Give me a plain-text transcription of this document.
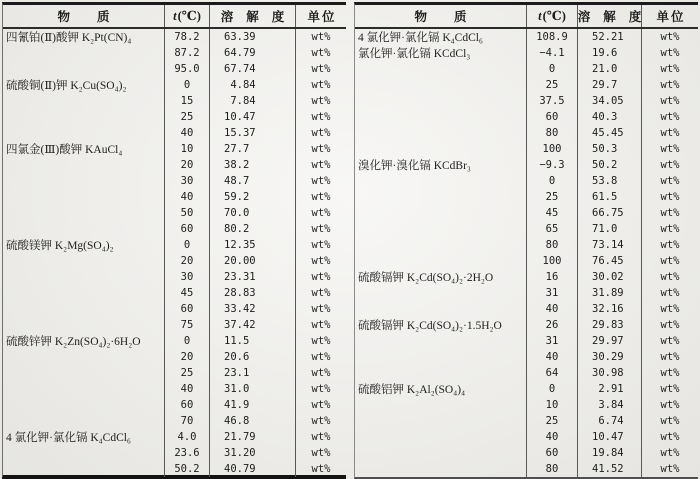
物质	t (℃) 溶解度 单位
四氰铂(Ⅱ)酸钾 K₂Pt(CN)₄	78.2	63.39	wt%
87.2	64.79	wt%
95.0	67.74	wt%
硫酸铜(Ⅱ)钾 K₂Cu(SO₄)₂	0	4.84	wt%
15	7.84	wt%
25	10.47	wt%
40	15.37	wt%
四氯金(Ⅲ)酸钾 KAuCl₄	10	27.7	wt%
20	38.2	wt%
30	48.7	wt%
40	59.2	wt%
50	70.0	wt%
60	80.2	wt%
硫酸镁钾 K₂Mg(SO₄)₂	0	12.35	wt%
20	20.00	wt%
30	23.31	wt%
45	28.83	wt%
60	33.42	wt%
75	37.42	wt%
硫酸锌钾 K₂Zn(SO₄)₂·6H₂O	0	11.5	wt%
20	20.6	wt%
25	23.1	wt%
40	31.0	wt%
60	41.9	wt%
70	46.8	wt%
4 氯化钾·氯化镉 K₄CdCl₆	4.0	21.79	wt%
23.6	31.20	wt%
50.2	40.79	wt%
物质	t (℃) 溶解度 单位
4 氯化钾·氯化镉 K₄CdCl₆	108.9	52.21	wt%
氯化钾·氯化镉 KCdCl₃	−4.1	19.6	wt%
0	21.0	wt%
25	29.7	wt%
37.5	34.05	wt%
60	40.3	wt%
80	45.45	wt%
100	50.3	wt%
溴化钾·溴化镉 KCdBr₃	−9.3	50.2	wt%
0	53.8	wt%
25	61.5	wt%
45	66.75	wt%
65	71.0	wt%
80	73.14	wt%
100	76.45	wt%
硫酸镉钾 K₂Cd(SO₄)₂·2H₂O	16	30.02	wt%
31	31.89	wt%
40	32.16	wt%
硫酸镉钾 K₂Cd(SO₄)₂·1.5H₂O	26	29.83	wt%
31	29.97	wt%
40	30.29	wt%
64	30.98	wt%
硫酸铝钾 K₂Al₂(SO₄)₄	0	2.91	wt%
10	3.84	wt%
25	6.74	wt%
40	10.47	wt%
60	19.84	wt%
80	41.52	wt%
